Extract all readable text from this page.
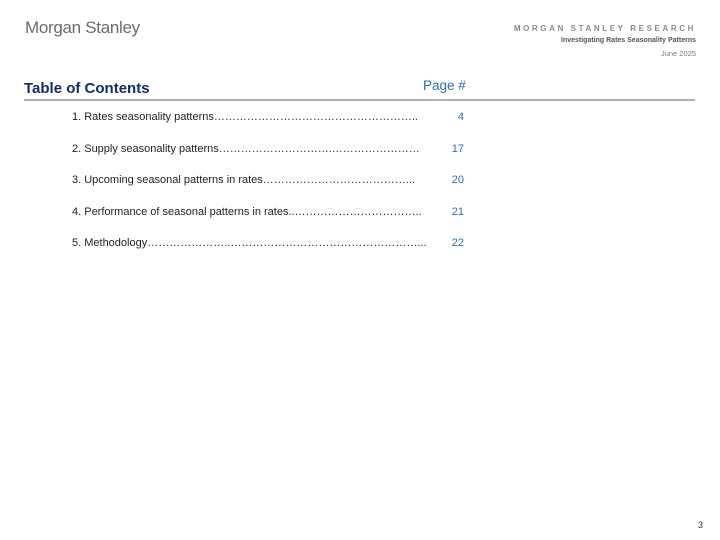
Morgan Stanley	MORGAN STANLEY RESEARCH
Investigating Rates Seasonality Patterns
June 2025
Table of Contents	Page #
1. Rates seasonality patterns………………………………………………..	4
2. Supply seasonality patterns………………………….……………………	17
3. Upcoming seasonal patterns in rates…………………………………...	20
4. Performance of seasonal patterns in rates..……………………………..	21
5. Methodology…………………..……………………………………………... 22
3
